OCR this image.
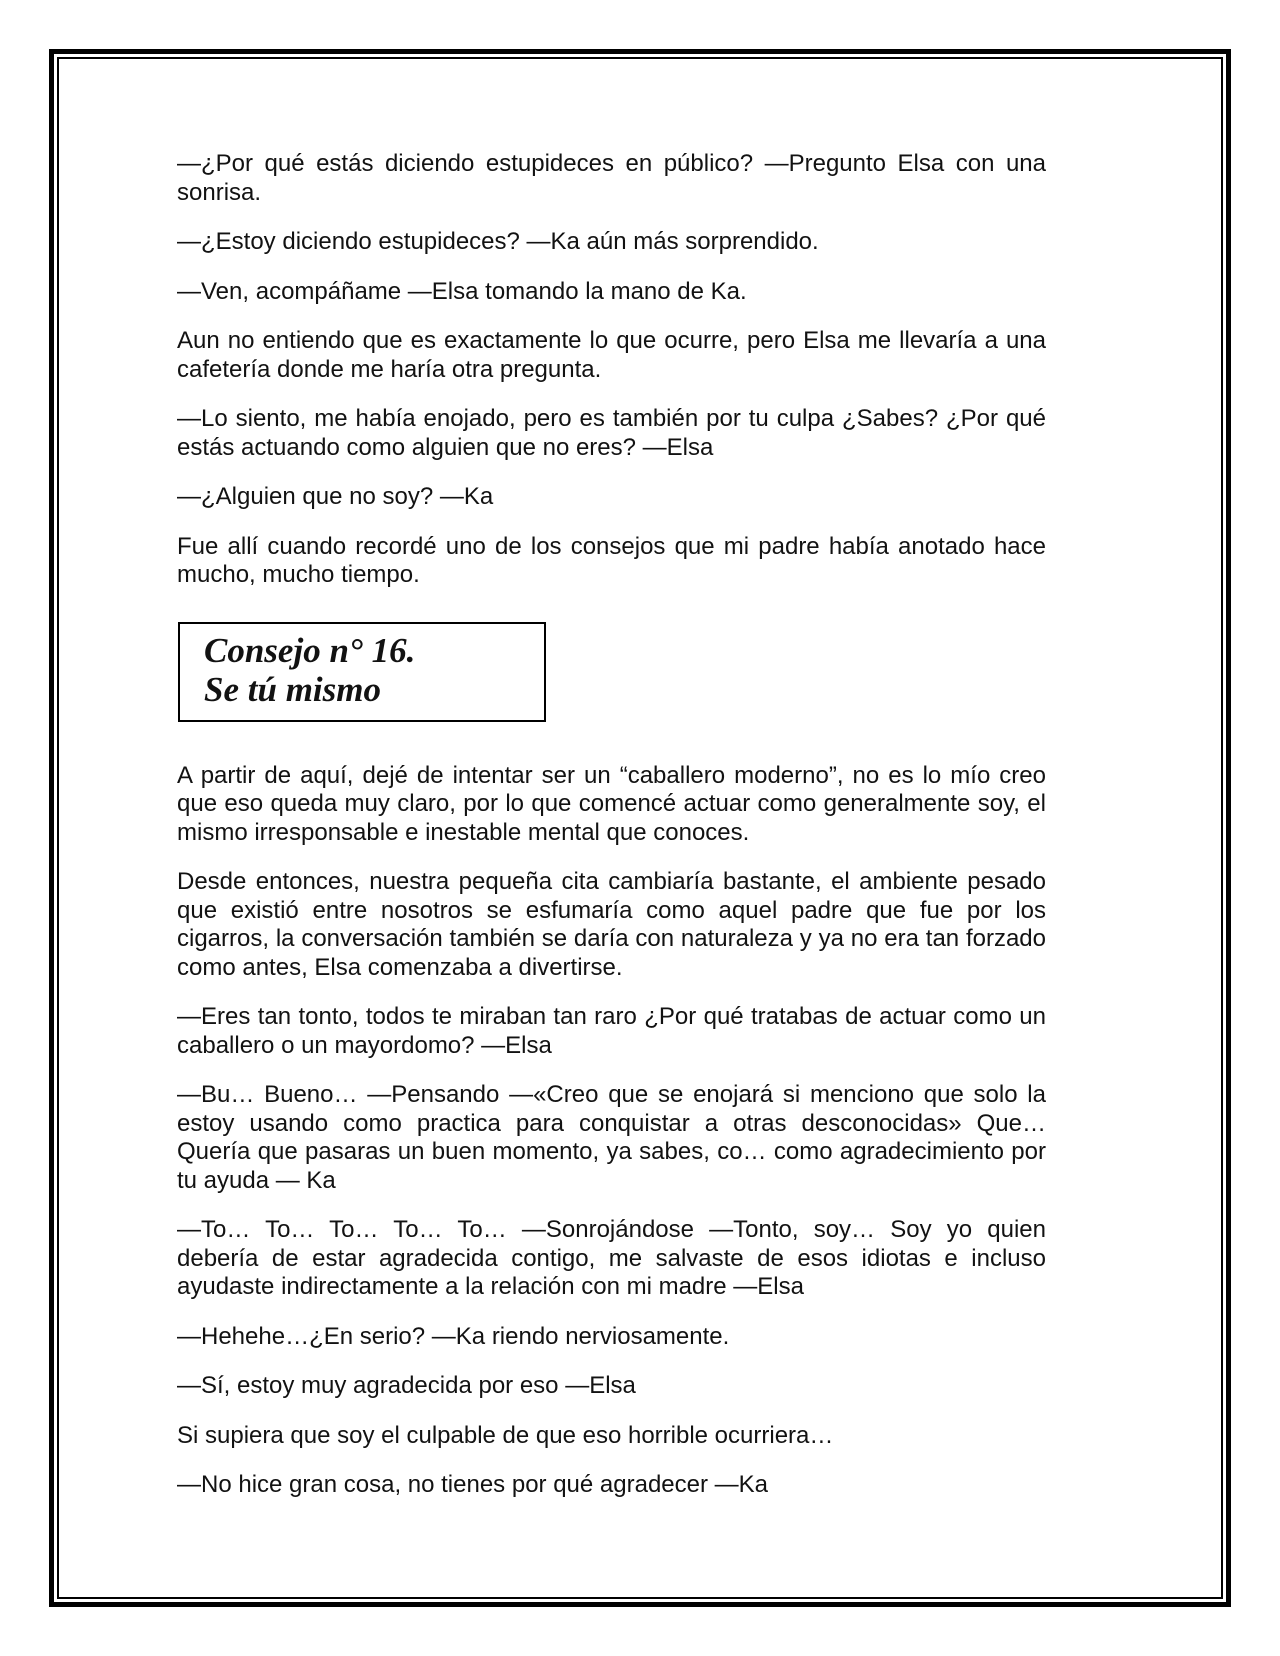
—¿Por qué estás diciendo estupideces en público? —Pregunto Elsa con una sonrisa.

—¿Estoy diciendo estupideces? —Ka aún más sorprendido.

—Ven, acompáñame —Elsa tomando la mano de Ka.

Aun no entiendo que es exactamente lo que ocurre, pero Elsa me llevaría a una cafetería donde me haría otra pregunta.

—Lo siento, me había enojado, pero es también por tu culpa ¿Sabes? ¿Por qué estás actuando como alguien que no eres? —Elsa

—¿Alguien que no soy? —Ka

Fue allí cuando recordé uno de los consejos que mi padre había anotado hace mucho, mucho tiempo.

Consejo n° 16.
Se tú mismo

A partir de aquí, dejé de intentar ser un “caballero moderno”, no es lo mío creo que eso queda muy claro, por lo que comencé actuar como generalmente soy, el mismo irresponsable e inestable mental que conoces.

Desde entonces, nuestra pequeña cita cambiaría bastante, el ambiente pesado que existió entre nosotros se esfumaría como aquel padre que fue por los cigarros, la conversación también se daría con naturaleza y ya no era tan forzado como antes, Elsa comenzaba a divertirse.

—Eres tan tonto, todos te miraban tan raro ¿Por qué tratabas de actuar como un caballero o un mayordomo? —Elsa

—Bu… Bueno… —Pensando —«Creo que se enojará si menciono que solo la estoy usando como practica para conquistar a otras desconocidas» Que… Quería que pasaras un buen momento, ya sabes, co… como agradecimiento por tu ayuda — Ka

—To… To… To… To… To… —Sonrojándose —Tonto, soy… Soy yo quien debería de estar agradecida contigo, me salvaste de esos idiotas e incluso ayudaste indirectamente a la relación con mi madre —Elsa

—Hehehe…¿En serio? —Ka riendo nerviosamente.

—Sí, estoy muy agradecida por eso —Elsa

Si supiera que soy el culpable de que eso horrible ocurriera…

—No hice gran cosa, no tienes por qué agradecer —Ka
